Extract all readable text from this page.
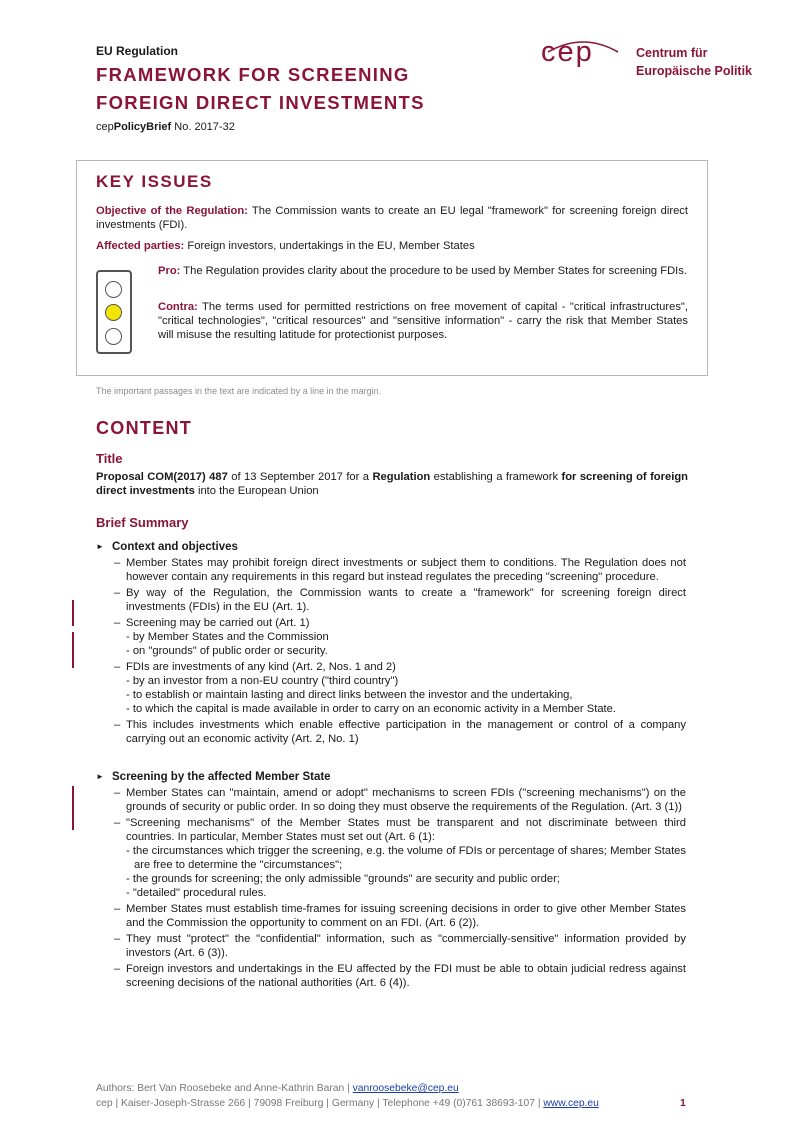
EU Regulation
FRAMEWORK FOR SCREENING
FOREIGN DIRECT INVESTMENTS
cepPolicyBrief No. 2017-32
cep	Centrum für
Europäische Politik
KEY ISSUES
Objective of the Regulation: The Commission wants to create an EU legal "framework" for screening foreign direct investments (FDI).
Affected parties: Foreign investors, undertakings in the EU, Member States
Pro: The Regulation provides clarity about the procedure to be used by Member States for screening FDIs.
Contra: The terms used for permitted restrictions on free movement of capital - "critical infrastructures", "critical technologies", "critical resources" and "sensitive information" - carry the risk that Member States will misuse the resulting latitude for protectionist purposes.
The important passages in the text are indicated by a line in the margin.
CONTENT
Title
Proposal COM(2017) 487 of 13 September 2017 for a Regulation establishing a framework for screening of foreign direct investments into the European Union
Brief Summary
► Context and objectives
– Member States may prohibit foreign direct investments or subject them to conditions. The Regulation does not however contain any requirements in this regard but instead regulates the preceding "screening" procedure.
– By way of the Regulation, the Commission wants to create a "framework" for screening foreign direct investments (FDIs) in the EU (Art. 1).
– Screening may be carried out (Art. 1)
- by Member States and the Commission
- on "grounds" of public order or security.
– FDIs are investments of any kind (Art. 2, Nos. 1 and 2)
- by an investor from a non-EU country ("third country")
- to establish or maintain lasting and direct links between the investor and the undertaking,
- to which the capital is made available in order to carry on an economic activity in a Member State.
– This includes investments which enable effective participation in the management or control of a company carrying out an economic activity (Art. 2, No. 1)
► Screening by the affected Member State
– Member States can "maintain, amend or adopt" mechanisms to screen FDIs ("screening mechanisms") on the grounds of security or public order. In so doing they must observe the requirements of the Regulation. (Art. 3 (1))
– "Screening mechanisms" of the Member States must be transparent and not discriminate between third countries. In particular, Member States must set out (Art. 6 (1):
- the circumstances which trigger the screening, e.g. the volume of FDIs or percentage of shares; Member States are free to determine the "circumstances";
- the grounds for screening; the only admissible "grounds" are security and public order;
- "detailed" procedural rules.
– Member States must establish time-frames for issuing screening decisions in order to give other Member States and the Commission the opportunity to comment on an FDI. (Art. 6 (2)).
– They must "protect" the "confidential" information, such as "commercially-sensitive" information provided by investors (Art. 6 (3)).
– Foreign investors and undertakings in the EU affected by the FDI must be able to obtain judicial redress against screening decisions of the national authorities (Art. 6 (4)).
Authors: Bert Van Roosebeke and Anne-Kathrin Baran | vanroosebeke@cep.eu
cep | Kaiser-Joseph-Strasse 266 | 79098 Freiburg | Germany | Telephone +49 (0)761 38693-107 | www.cep.eu	1
